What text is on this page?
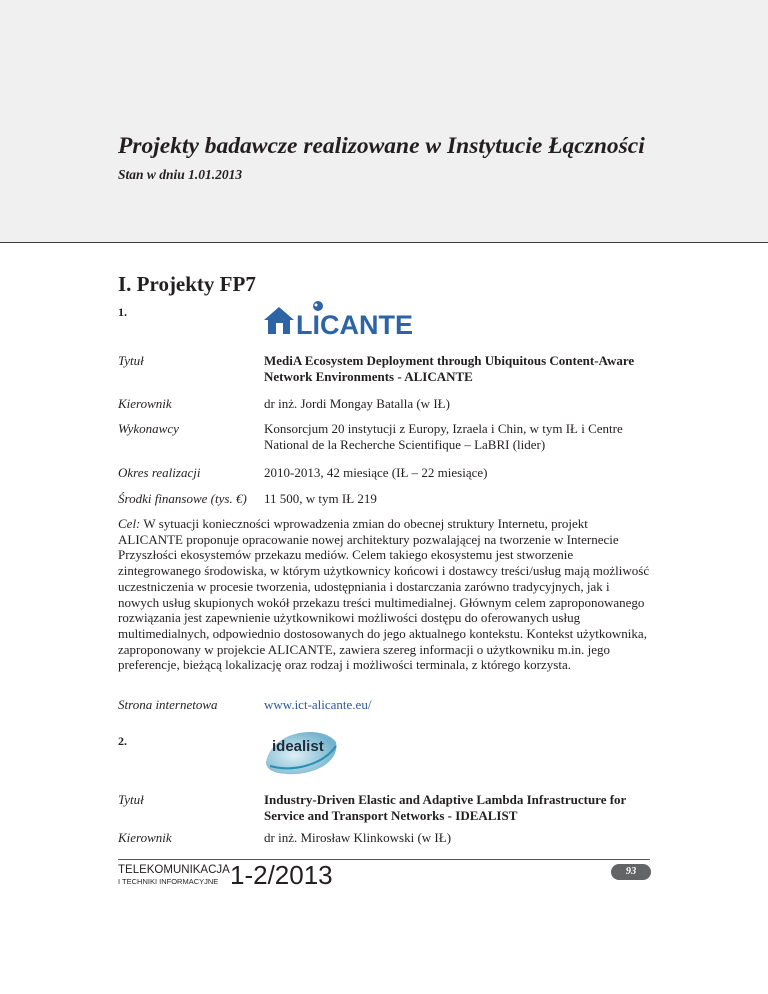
Projekty badawcze realizowane w Instytucie Łączności
Stan w dniu 1.01.2013
I. Projekty FP7
1.	LICANTE
Tytuł	MediA Ecosystem Deployment through Ubiquitous Content-Aware Network Environments - ALICANTE
Kierownik	dr inż. Jordi Mongay Batalla (w IŁ)
Wykonawcy	Konsorcjum 20 instytucji z Europy, Izraela i Chin, w tym IŁ i Centre National de la Recherche Scientifique – LaBRI (lider)
Okres realizacji	2010-2013, 42 miesiące (IŁ – 22 miesiące)
Środki finansowe (tys. €) 11 500, w tym IŁ 219

Cel: W sytuacji konieczności wprowadzenia zmian do obecnej struktury Internetu, projekt ALICANTE proponuje opracowanie nowej architektury pozwalającej na tworzenie w Internecie Przyszłości ekosystemów przekazu mediów. Celem takiego ekosystemu jest stworzenie zintegrowanego środowiska, w którym użytkownicy końcowi i dostawcy treści/usług mają możliwość uczestniczenia w procesie tworzenia, udostępniania i dostarczania zarówno tradycyjnych, jak i nowych usług skupionych wokół przekazu treści multimedialnej. Głównym celem zaproponowanego rozwiązania jest zapewnienie użytkownikowi możliwości dostępu do oferowanych usług multimedialnych, odpowiednio dostosowanych do jego aktualnego kontekstu. Kontekst użytkownika, zaproponowany w projekcie ALICANTE, zawiera szereg informacji o użytkowniku m.in. jego preferencje, bieżącą lokalizację oraz rodzaj i możliwości terminala, z którego korzysta.

Strona internetowa	www.ict-alicante.eu/
2.	idealist
Tytuł	Industry-Driven Elastic and Adaptive Lambda Infrastructure for Service and Transport Networks - IDEALIST
Kierownik	dr inż. Mirosław Klinkowski (w IŁ)
TELEKOMUNIKACJA
I TECHNIKI INFORMACYJNE 1-2/2013	93
